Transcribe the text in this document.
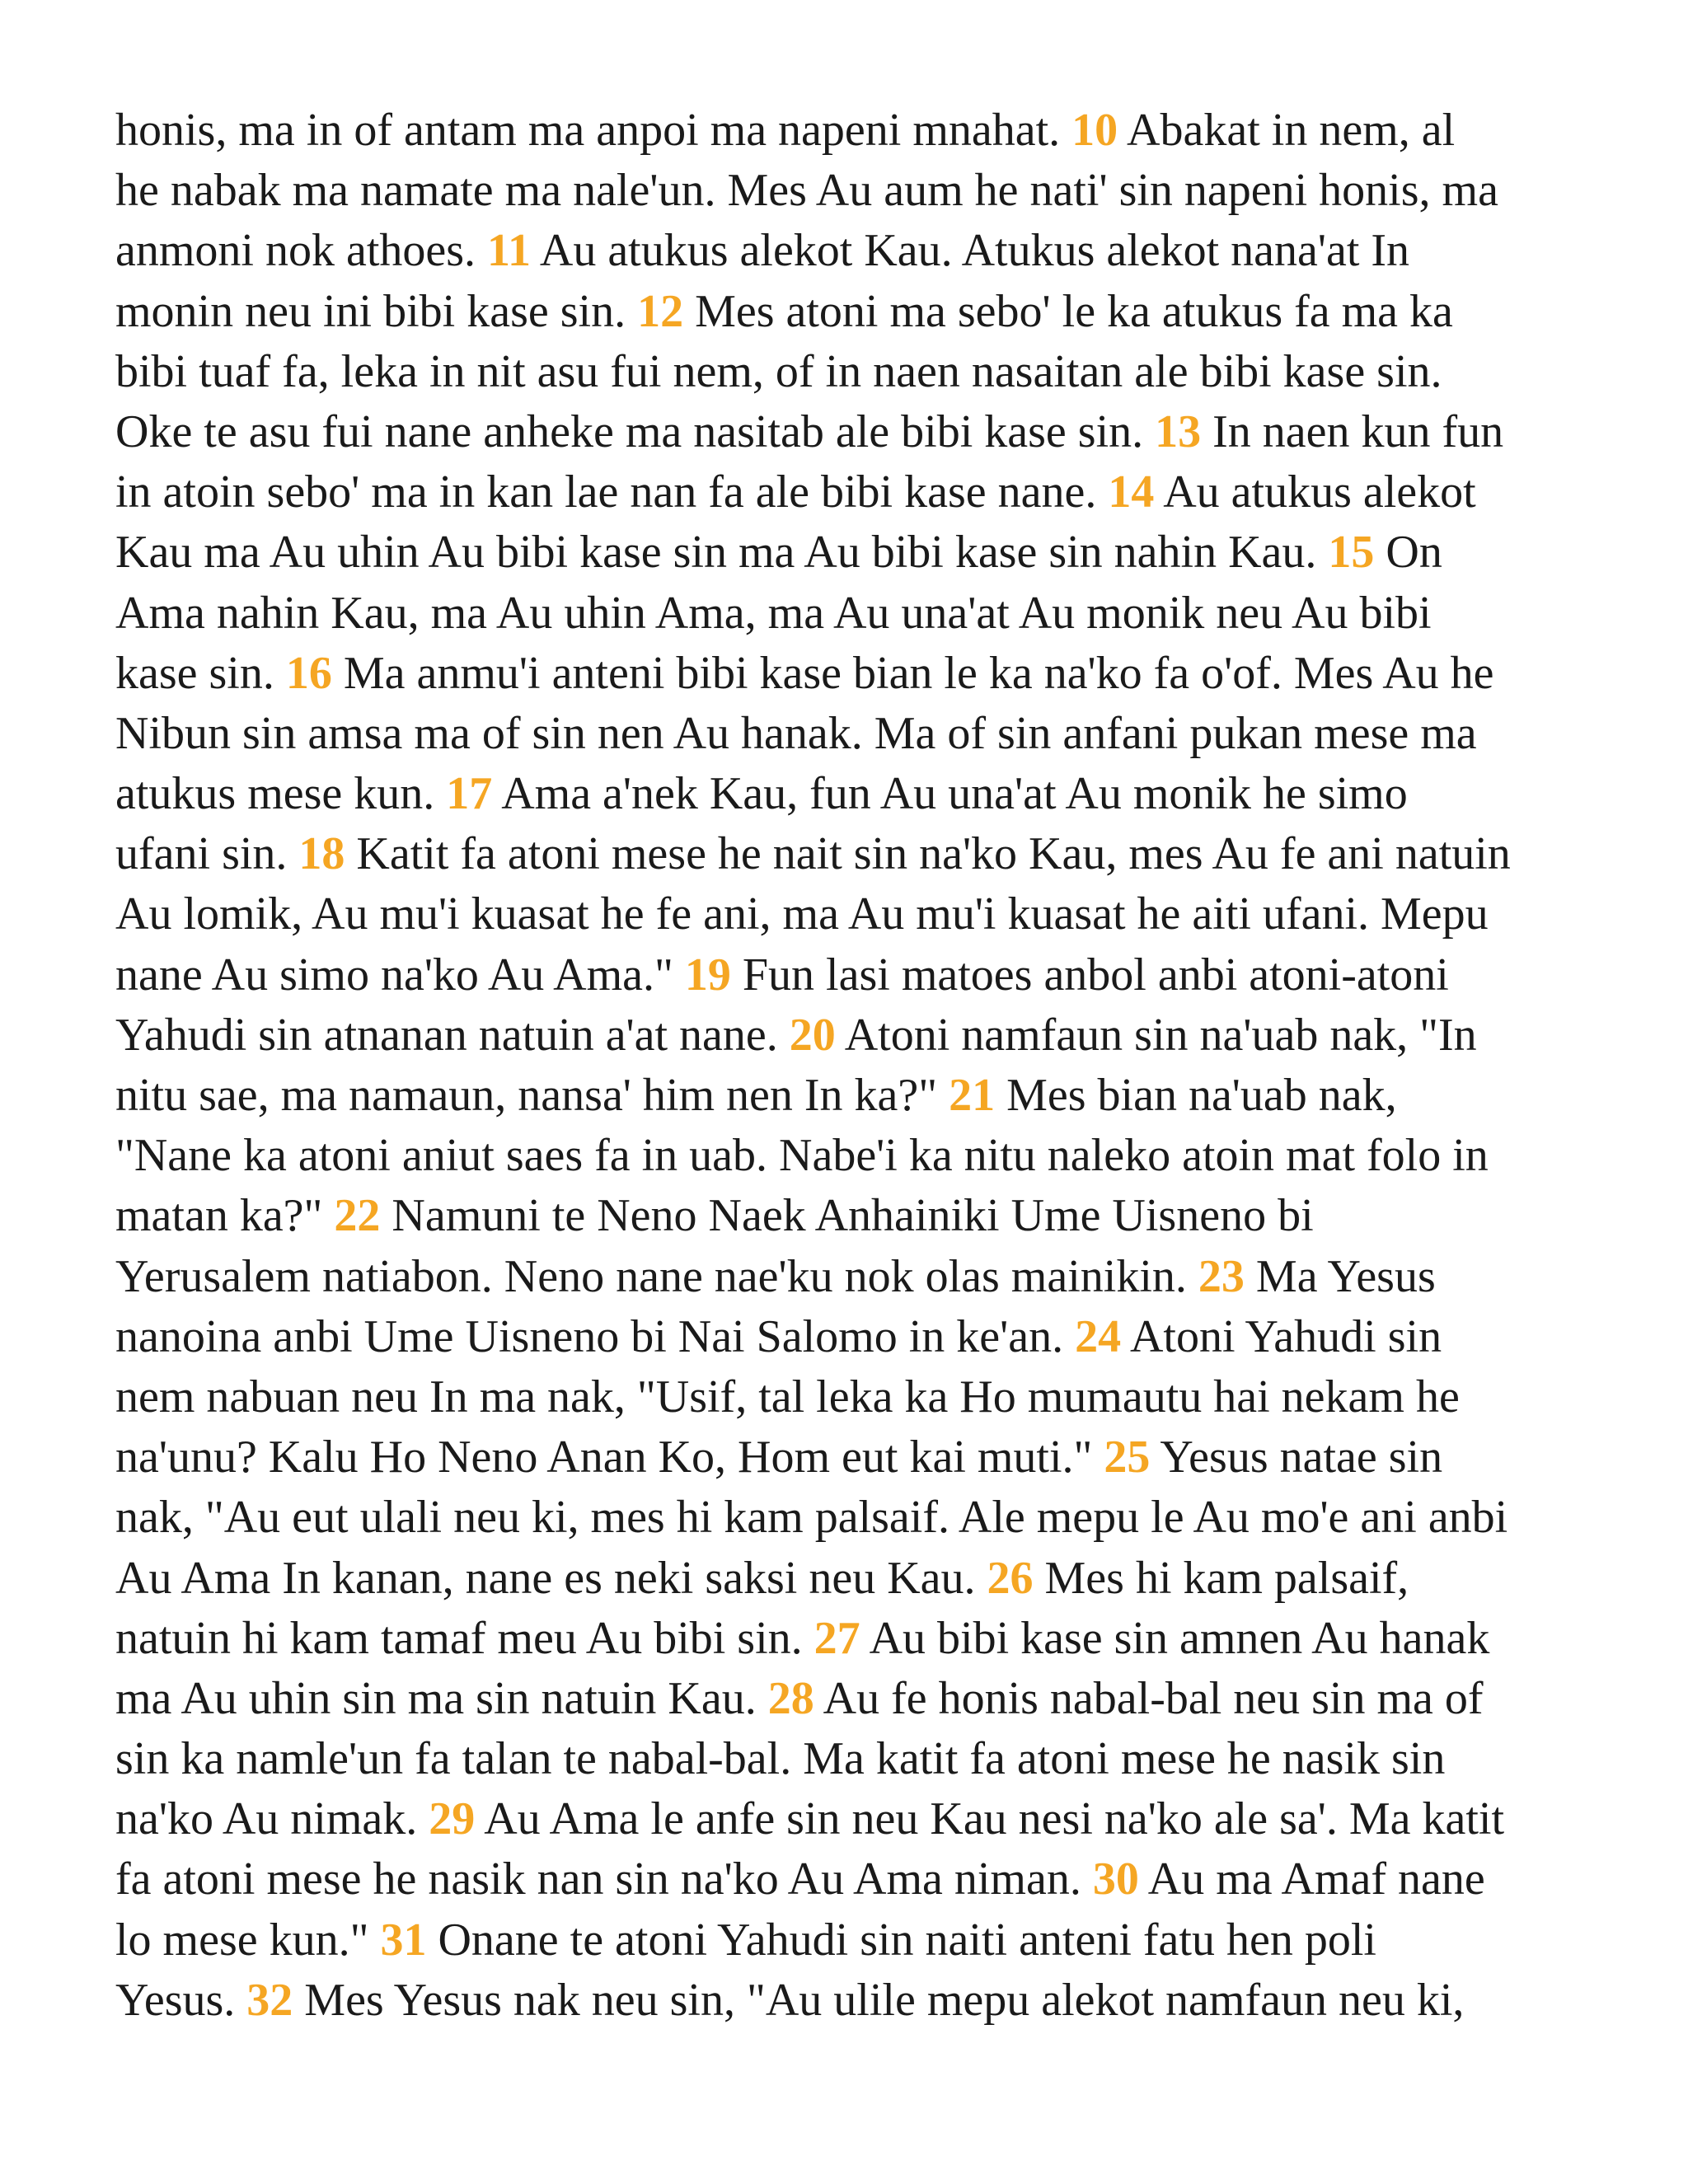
honis, ma in of antam ma anpoi ma napeni mnahat. 10 Abakat in nem, al
he nabak ma namate ma nale'un. Mes Au aum he nati' sin napeni honis, ma
anmoni nok athoes. 11 Au atukus alekot Kau. Atukus alekot nana'at In
monin neu ini bibi kase sin. 12 Mes atoni ma sebo' le ka atukus fa ma ka
bibi tuaf fa, leka in nit asu fui nem, of in naen nasaitan ale bibi kase sin.
Oke te asu fui nane anheke ma nasitab ale bibi kase sin. 13 In naen kun fun
in atoin sebo' ma in kan lae nan fa ale bibi kase nane. 14 Au atukus alekot
Kau ma Au uhin Au bibi kase sin ma Au bibi kase sin nahin Kau. 15 On
Ama nahin Kau, ma Au uhin Ama, ma Au una'at Au monik neu Au bibi
kase sin. 16 Ma anmu'i anteni bibi kase bian le ka na'ko fa o'of. Mes Au he
Nibun sin amsa ma of sin nen Au hanak. Ma of sin anfani pukan mese ma
atukus mese kun. 17 Ama a'nek Kau, fun Au una'at Au monik he simo
ufani sin. 18 Katit fa atoni mese he nait sin na'ko Kau, mes Au fe ani natuin
Au lomik, Au mu'i kuasat he fe ani, ma Au mu'i kuasat he aiti ufani. Mepu
nane Au simo na'ko Au Ama." 19 Fun lasi matoes anbol anbi atoni-atoni
Yahudi sin atnanan natuin a'at nane. 20 Atoni namfaun sin na'uab nak, "In
nitu sae, ma namaun, nansa' him nen In ka?" 21 Mes bian na'uab nak,
"Nane ka atoni aniut saes fa in uab. Nabe'i ka nitu naleko atoin mat folo in
matan ka?" 22 Namuni te Neno Naek Anhainiki Ume Uisneno bi
Yerusalem natiabon. Neno nane nae'ku nok olas mainikin. 23 Ma Yesus
nanoina anbi Ume Uisneno bi Nai Salomo in ke'an. 24 Atoni Yahudi sin
nem nabuan neu In ma nak, "Usif, tal leka ka Ho mumautu hai nekam he
na'unu? Kalu Ho Neno Anan Ko, Hom eut kai muti." 25 Yesus natae sin
nak, "Au eut ulali neu ki, mes hi kam palsaif. Ale mepu le Au mo'e ani anbi
Au Ama In kanan, nane es neki saksi neu Kau. 26 Mes hi kam palsaif,
natuin hi kam tamaf meu Au bibi sin. 27 Au bibi kase sin amnen Au hanak
ma Au uhin sin ma sin natuin Kau. 28 Au fe honis nabal-bal neu sin ma of
sin ka namle'un fa talan te nabal-bal. Ma katit fa atoni mese he nasik sin
na'ko Au nimak. 29 Au Ama le anfe sin neu Kau nesi na'ko ale sa'. Ma katit
fa atoni mese he nasik nan sin na'ko Au Ama niman. 30 Au ma Amaf nane
lo mese kun." 31 Onane te atoni Yahudi sin naiti anteni fatu hen poli
Yesus. 32 Mes Yesus nak neu sin, "Au ulile mepu alekot namfaun neu ki,
